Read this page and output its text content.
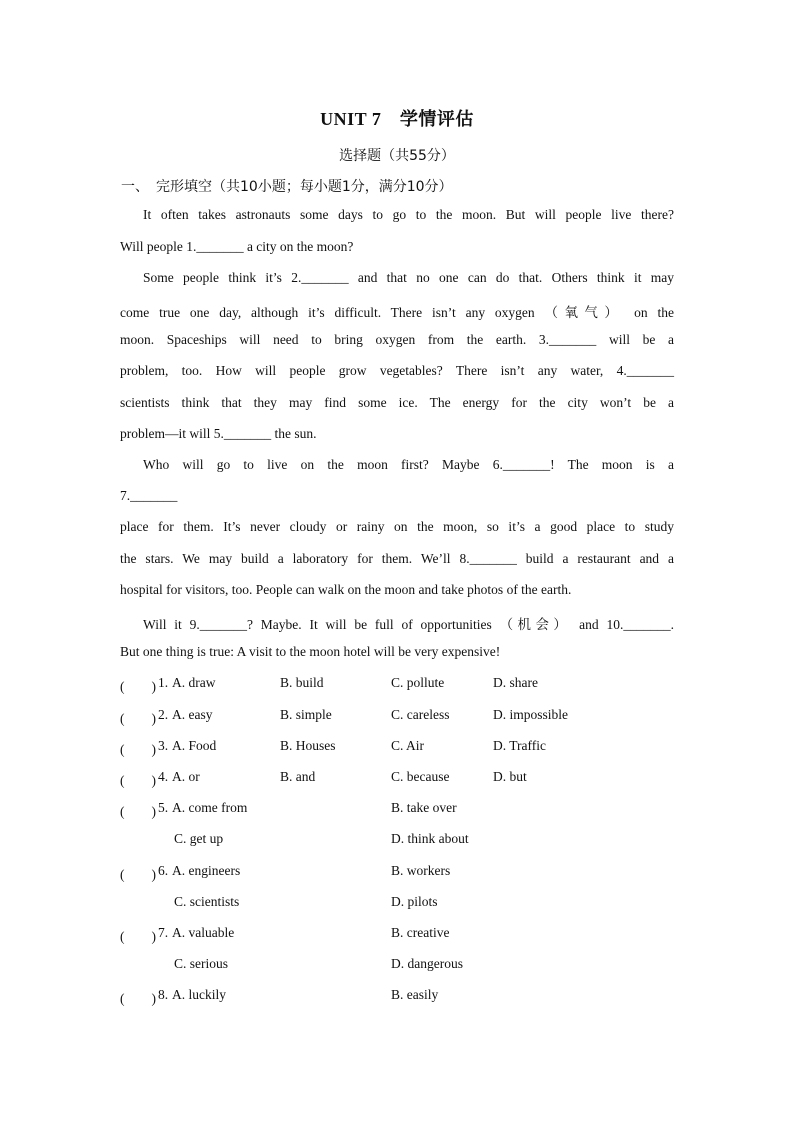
UNIT 7　学情评估
选择题（共55分）
一、　完形填空（共10小题；每小题1分，满分10分）
It often takes astronauts some days to go to the moon. But will people live there?
Will people 1._______ a city on the moon?
Some people think it’s 2._______ and that no one can do that. Others think it may
come true one day, although it’s difficult. There isn’t any oxygen （氧气） on the
moon. Spaceships will need to bring oxygen from the earth. 3._______ will be a
problem, too. How will people grow vegetables? There isn’t any water, 4._______
scientists think that they may find some ice. The energy for the city won’t be a
problem—it will 5._______ the sun.
Who will go to live on the moon first? Maybe 6._______! The moon is a
7._______
place for them. It’s never cloudy or rainy on the moon, so it’s a good place to study
the stars. We may build a laboratory for them. We’ll 8._______ build a restaurant and a
hospital for visitors, too. People can walk on the moon and take photos of the earth.
Will it 9._______? Maybe. It will be full of opportunities （机会） and 10._______.
But one thing is true: A visit to the moon hotel will be very expensive!
(　　) 1. A. draw	B. build	C. pollute	D. share
(　　) 2. A. easy	B. simple	C. careless	D. impossible
(　　) 3. A. Food	B. Houses	C. Air	D. Traffic
(　　) 4. A. or	B. and	C. because	D. but
(　　) 5. A. come from	B. take over
C. get up	D. think about
(　　) 6. A. engineers	B. workers
C. scientists	D. pilots
(　　) 7. A. valuable	B. creative
C. serious	D. dangerous
(　　) 8. A. luckily	B. easily
